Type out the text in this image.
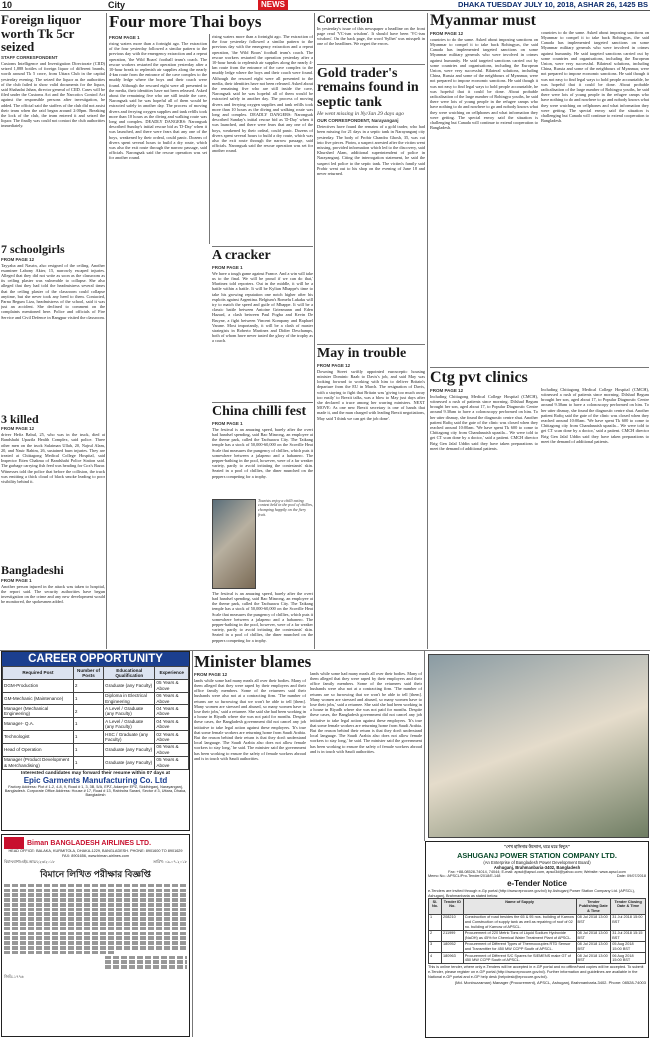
10	City	NEWS	DHAKA TUESDAY JULY 10, 2018, ASHAR 26, 1425 BS
Foreign liquor worth Tk 5cr seized
STAFF CORRESPONDENT
Customs Intelligence and Investigation Directorate (CIID) seized 1,888 bottles of foreign liquor of different brands, worth around Tk 5 crore, from Uttara Club in the capital yesterday evening. The seized the liquor as the authorities of the club failed to show valid documents for the liquor, said Shahadat Jahan, director general of CIID. Cases will be filed under the Customs Act and the Narcotics Control Act against the responsible persons after investigation, he added. The official said the staffers of the club did not assist their team when the raid began around 2:00pm. Breaking the lock of the club, the team entered it and seized the liquor. The finally was could not contact the club authorities immediately.
7 schoolgirls
FROM PAGE 12
Tayyaba and Nasrin, also resigned of the ceiling. Another examinee Labony Akter, 15, narrowly escaped injuries. Alleged that they did not write as soon as the classroom as its ceiling plaster was vulnerable to collapse. She also alleged that they had told the headmistress several times that the ceiling plaster of the classroom could collapse anytime, but she never took any heed to them. Contacted, Parna Begum Liza, headmistress of the school, said it was just an accident. She declined to comment on the complaints mentioned here. Police and officials of Fire Service and Civil Defence in Rangpur visited the classroom.
3 killed
FROM PAGE 12
driver Hefiz Babul, 25, who was in the truck, died at Bandshahi Upazila Health Complex, said police. Three other men on the truck Sulaiman Ullah, 20, Najrul Alam, 20, and Nasir Rahim, 26, sustained burn injuries. They are treated at Chittagong Medical College Hospital, said Inspector Eiten Chakma of Bandshahi Police Station said. The garbage carrying fish feed was heading for Cox's Bazar. Witnesses told the police that before the collision, the truck was emitting a thick cloud of black smoke leading to poor visibility behind it.
Bangladeshi
FROM PAGE 1
Another person injured in the attack was taken to hospital, the report said. The security authorities have begun investigation on the crime and any new development would be monitored, the spokesmen added.
Four more Thai boys
FROM PAGE 1
rising waters more than a fortnight ago. The extraction of the four yesterday followed a similar pattern to the previous day with the emergency extraction and a repeat operation, 'the Wild Boars' football team's coach. The rescue workers restarted the operation yesterday after a 10-hour break to replenish air supplies along the nearly 4-km route from the entrance of the cave complex to the muddy ledge where the boys and their coach were found. Although the rescued eight were all presented to the media, their identities have not been released. Asked about the remaining five who are still inside the cave, Narongsak said he was hopeful all of them would be extracted safely in another day. The process of moving divers and ferrying oxygen supplies and tank refills took more than 10 hours as the diving and walking route was long and complex. DEADLY DANGERS: Narongsak described Sunday's initial rescue bid as 'D-Day' when it was launched, and there were fears that any one of the boys, weakened by their ordeal, could panic. Dozens of divers spent several hours to build a dry route, which was also the exit route through the narrow passage, said officials. Narongsak said the rescue operation was set for another round.
rising waters more than a fortnight ago. The extraction of the four yesterday followed a similar pattern to the previous day with the emergency extraction and a repeat operation, 'the Wild Boars' football team's coach. The rescue workers restarted the operation yesterday after a 10-hour break to replenish air supplies along the nearly 4-km route from the entrance of the cave complex to the muddy ledge where the boys and their coach were found. Although the rescued eight were all presented to the media, their identities have not been released. Asked about the remaining five who are still inside the cave, Narongsak said he was hopeful all of them would be extracted safely in another day. The process of moving divers and ferrying oxygen supplies and tank refills took more than 10 hours as the diving and walking route was long and complex. DEADLY DANGERS: Narongsak described Sunday's initial rescue bid as 'D-Day' when it was launched, and there were fears that any one of the boys, weakened by their ordeal, could panic. Dozens of divers spent several hours to build a dry route, which was also the exit route through the narrow passage, said officials. Narongsak said the rescue operation was set for another round.
A cracker
FROM PAGE 1
We have a tough game against France. And a win will take us to the final. We will be proud if we can do that,' Martinez told reporters. Out in the middle, it will be a battle within a battle. It will be Kylian Mbappe's time to take his growing reputation one notch higher after his exploits against Argentina. Belgium's Romelu Lukaku will try to match the speed and guile of Mbappe. It will be a classic battle between Antoine Griezmann and Eden Hazard, a clash between Paul Pogba and Kevin De Bruyne, a fight between Vincent Kompany and Raphael Varane. Most importantly, it will be a clash of master strategists in Roberto Martinez and Didier Deschamps, both of whom have never tasted the glory of the trophy as a coach.
China chilli fest
FROM PAGE 1
The festival is an amazing speed, barely after the overt bad handsel spending, said Bao Minrong, an employee at the theme park, called the Taohuawu City. The Taikang temple has a stock of 50,000-60,000 on the Scoville Heat Scale that measures the pungency of chillies, which puts it somewhere between a jalapeno and a habanero. The pepper-bathing in the pool, however, were of a far weaker variety, partly to avoid irritating the contestants' skin. Seated in a pool of chillies, the diner munched on the peppers competing for a trophy.
Tourists enjoy a chilli eating contest held in the pool of chillies, chomping happily on the fiery fruit.
The festival is an amazing speed, barely after the overt bad handsel spending, said Bao Minrong, an employee at the theme park, called the Taohuawu City. The Taikang temple has a stock of 50,000-60,000 on the Scoville Heat Scale that measures the pungency of chillies, which puts it somewhere between a jalapeno and a habanero. The pepper-bathing in the pool, however, were of a far weaker variety, partly to avoid irritating the contestants' skin. Seated in a pool of chillies, the diner munched on the peppers competing for a trophy.
Correction
In yesterday's issue of this newspaper a headline on the front page read 'VC-ism wisdom'. It should have been 'VC-ism wisdom'. On the back page, the word 'Sylhet' was misspelt in one of the headlines. We regret the errors.
Gold trader's remains found in septic tank
He went missing in Ny/Jan 29 days ago
OUR CORRESPONDENT, Narayanganj
Detectives have found the remains of a gold trader, who had been missing for 21 days in a septic tank in Narayanganj city yesterday. The body of Probir Chandra Ghosh, 35, was cut into five pieces. Piotm, a suspect arrested after the victim went missing, provided information which led to the discovery, said Khurshed Alam, additional superintendent of police in Narayanganj. Citing the interrogation statement, he said the suspect led police to the septic tank. The victim's family said Probir went out to his shop on the evening of June 18 and never returned.
May in trouble
FROM PAGE 12
Downing Street swiftly appointed eurosceptic housing minister Dominic Raab to Davis's job, and said May was looking forward to working with him to deliver Britain's departure from the EU in March. The resignation of Davis, with a staying to fight that Britain was 'giving too much away too easily' to Brexit talks, was a blow to May just days after she declared a truce among her warring ministers. NEXT MOVE: As one new Brexit secretary is one of hands that made it, and the man charged with leading Brexit negotiations, May said 'I think we can get the job done'.
Myanmar must
FROM PAGE 12
countries to do the same. Asked about imposing sanctions on Myanmar to compel it to take back Rohingyas, the said Canada has implemented targeted sanctions on some Myanmar military generals who were involved in crimes against humanity. He said targeted sanctions carried out by some countries and organisations, including the European Union, were very successful. Bilateral solutions, including China, Russia and some of the neighbours of Myanmar, were not prepared to impose economic sanctions. He said though it was not easy to find legal ways to hold people accountable, he was hopeful that it could be done. About probable radicalisation of the large number of Rohingya youths, he said there were lots of young people in the refugee camps who have nothing to do and nowhere to go and nobody knows what they were watching on cellphones and what information they were getting. The special envoy said the situation is challenging but Canada will continue to extend cooperation to Bangladesh.
countries to do the same. Asked about imposing sanctions on Myanmar to compel it to take back Rohingyas, the said Canada has implemented targeted sanctions on some Myanmar military generals who were involved in crimes against humanity. He said targeted sanctions carried out by some countries and organisations, including the European Union, were very successful. Bilateral solutions, including China, Russia and some of the neighbours of Myanmar, were not prepared to impose economic sanctions. He said though it was not easy to find legal ways to hold people accountable, he was hopeful that it could be done. About probable radicalisation of the large number of Rohingya youths, he said there were lots of young people in the refugee camps who have nothing to do and nowhere to go and nobody knows what they were watching on cellphones and what information they were getting. The special envoy said the situation is challenging but Canada will continue to extend cooperation to Bangladesh.
Ctg pvt clinics
FROM PAGE 12
Including Chittagong Medical College Hospital (CMCH), witnessed a rush of patients since morning. Dilshad Begum brought her son, aged about 17, to Popular Diagnostic Centre around 9.30am to have a colonoscopy performed on him. To her utter dismay, she found the diagnostic centre shut. Another patient Rafiq said the gate of the clinic was closed when they reached around 10:00am. 'We have spent Tk 600 to come to Chittagong city from Chandanaish upazila... We were told to get CT scan done by a doctor,' said a patient. CMCH director Brig Gen Jalal Uddin said they have taken preparations to meet the demand of additional patients.
Including Chittagong Medical College Hospital (CMCH), witnessed a rush of patients since morning. Dilshad Begum brought her son, aged about 17, to Popular Diagnostic Centre around 9.30am to have a colonoscopy performed on him. To her utter dismay, she found the diagnostic centre shut. Another patient Rafiq said the gate of the clinic was closed when they reached around 10:00am. 'We have spent Tk 600 to come to Chittagong city from Chandanaish upazila... We were told to get CT scan done by a doctor,' said a patient. CMCH director Brig Gen Jalal Uddin said they have taken preparations to meet the demand of additional patients.
CAREER OPPORTUNITY
Required Post	Number of Posts	Educational Qualification	Experience
DGM-Production	2	Graduate (any Faculty)	05 Years & Above
GM-Mechanic (Maintenance)	1	Diploma in Electrical Engineering	06 Years & Above
Manager (Mechanical Engineering)	2	A Level / Graduate (any Faculty)	04 Years & Above
Manager- Q.A.	1	A Level / Graduate (any Faculty)	04 Years & Above
Technologist	1	HSC / Graduate (any Faculty)	02 Years & Above
Head of Operation	1	Graduate (any Faculty)	06 Years & Above
Manager (Product Development & Merchandising)	1	Graduate (any Faculty)	05 Years & Above
Interested candidates may forward their resume within 07 days at
Epic Garments Manufacturing Co. Ltd
Factory Address: Plot # 1-2, 4-8, 9, Road # 1, 3, 3B, 5/A, EPZ, Adamjee EPZ, Siddhirganj, Narayanganj, Bangladesh. Corporate Office Address: House # 17, Road # 13, Rabindra Sarani, Sector # 3, Uttara, Dhaka, Bangladesh
Biman BANGLADESH AIRLINES LTD.
HEAD OFFICE: BALAKA, KURMITOLA, DHAKA-1229, BANGLADESH. PHONE: 8901600 TO 8901629 FAX: 8901656, www.biman-airlines.com
বিমান/প্রশা/এইচ.আর/২২৩/২০১৮	তারিখ: ০৯-০৭-২০১৮
বিমানে লিখিত পরীক্ষার বিজ্ঞপ্তি
জিডি-১৭৭৬
Minister blames
FROM PAGE 12
lands while some had many meals all over their bodies. Many of them alleged that they were raped by their employers and their office family members. Some of the returnees said their husbands were also not at a contracting firm. 'The number of returns are so furrowing that we won't be able to tell [them]. Many women are stressed and abused, so many women have to lose their jobs,' said a returnee. She said she had been working in a house in Riyadh where she was not paid for months. Despite these cases, the Bangladesh government did not cancel any job initiative to take legal action against these employers. 'It's true that some female workers are returning home from Saudi Arabia. But the reason behind their return is that they don't understand local language. The Saudi Arabia also does not allow female workers to stay long,' he said. The minister said the government has been working to ensure the safety of female workers abroad and is in touch with Saudi authorities.
lands while some had many meals all over their bodies. Many of them alleged that they were raped by their employers and their office family members. Some of the returnees said their husbands were also not at a contracting firm. 'The number of returns are so furrowing that we won't be able to tell [them]. Many women are stressed and abused, so many women have to lose their jobs,' said a returnee. She said she had been working in a house in Riyadh where she was not paid for months. Despite these cases, the Bangladesh government did not cancel any job initiative to take legal action against these employers. 'It's true that some female workers are returning home from Saudi Arabia. But the reason behind their return is that they don't understand local language. The Saudi Arabia also does not allow female workers to stay long,' he said. The minister said the government has been working to ensure the safety of female workers abroad and is in touch with Saudi authorities.
"শেখ হাসিনার উদ্যোগ, ঘরে ঘরে বিদ্যুৎ"
ASHUGANJ POWER STATION COMPANY LTD.
(An Enterprise of Bangladesh Power Development Board)
Ashuganj, Brahmanbaria-3402, Bangladesh
Fax: +88-08528-74014, 74044; E-mail: apscl@apscl.com, apscl3d@yahoo.com; Website: www.apscl.com
Memo No.: APSCL/Pro-Tender/2018/E-148	Date: 09/07/2018
e-Tender Notice
e-Tenders are invited through e-Gp portal (http://www.eprocure.gov.bd) by Ashuganj Power Station Company Ltd. (APSCL), Ashuganj, Brahmanbaria as stated below.
Sl. No.	Tender ID No.	Name of Supply	Tender Publishing Date & Time	Tender Closing Date & Time
1	208210	Construction of road besides the 65 & 95 nos. building of Karnow and Construction of supply tank as well as repairing of roof of 02 no. building of Karnow of APSCL.	08 Jul 2018 13:00 BST	31 Jul 2018 15:00 BST
2	211999	Procurement of 220 Metric Tons of Liquid Sodium Hydroxide (NaOH) as 45% for Chemical Water Treatment Plant of APSCL.	08 Jul 2018 13:00 BST	31 Jul 2018 15:15 BST
3	180952	Procurement of Different Types of Thermocouples RTD Sensor and Transmitter for 450 MW CCPP South of APSCL.	08 Jul 2018 13:00 BST	05 Aug 2018 15:00 BST
4	180963	Procurement of Different S/C Spares for SIEMENS make GT of 450 MW CCPP South of APSCL.	08 Jul 2018 13:00 BST	06 Aug 2018 15:00 BST
This is online tender, where only e-Tenders will be accepted in e-GP portal and no offline/hard copies will be accepted. To submit e-Tender, please register on e-GP portal (http://www.eprocure.gov.bd). Further information and guidelines are available in the National e-GP portal and e-GP help desk (helpdesk@eprocure.gov.bd).
(Md. Moniruzzaman) Manager (Procurement), APSCL, Ashuganj, Brahmanbaria-3402. Phone: 08528-74003
